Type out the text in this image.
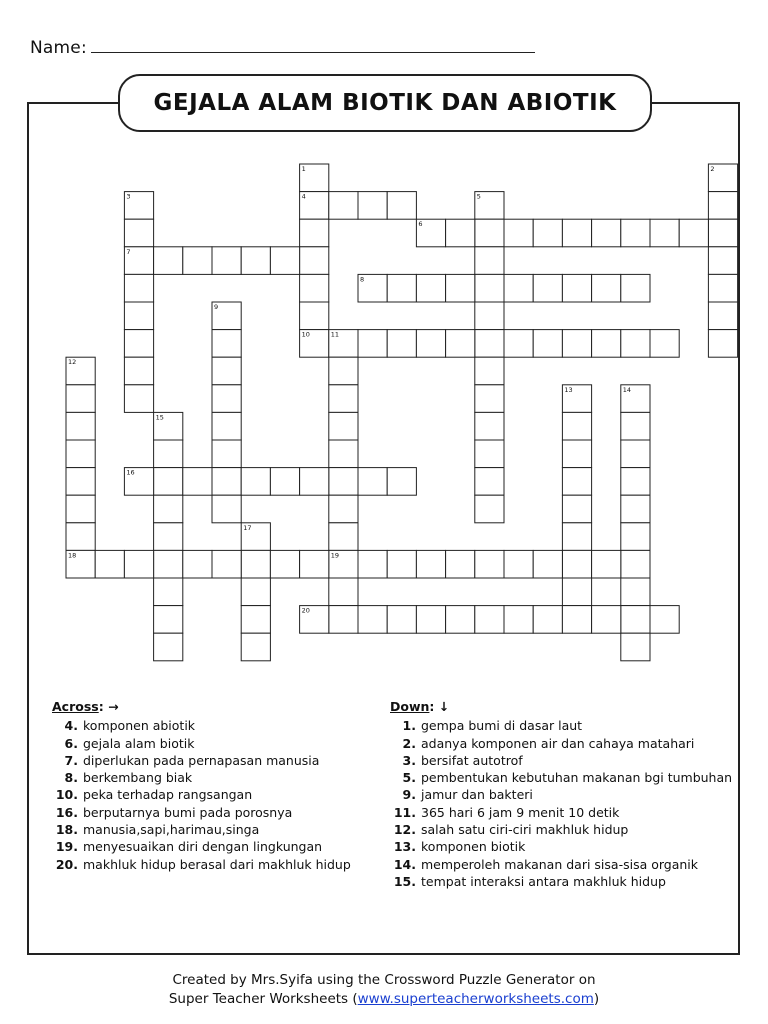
Name:
GEJALA ALAM BIOTIK DAN ABIOTIK
1	2
3	4	5
6
7
8
9
10	11
12
13	14
15
16
17
18	19
20
Across: →
4. komponen abiotik
6. gejala alam biotik
7. diperlukan pada pernapasan manusia
8. berkembang biak
10. peka terhadap rangsangan
16. berputarnya bumi pada porosnya
18. manusia,sapi,harimau,singa
19. menyesuaikan diri dengan lingkungan
20. makhluk hidup berasal dari makhluk hidup
Down: ↓
1. gempa bumi di dasar laut
2. adanya komponen air dan cahaya matahari
3. bersifat autotrof
5. pembentukan kebutuhan makanan bgi tumbuhan
9. jamur dan bakteri
11. 365 hari 6 jam 9 menit 10 detik
12. salah satu ciri-ciri makhluk hidup
13. komponen biotik
14. memperoleh makanan dari sisa-sisa organik
15. tempat interaksi antara makhluk hidup
Created by Mrs.Syifa using the Crossword Puzzle Generator on
Super Teacher Worksheets (www.superteacherworksheets.com)
